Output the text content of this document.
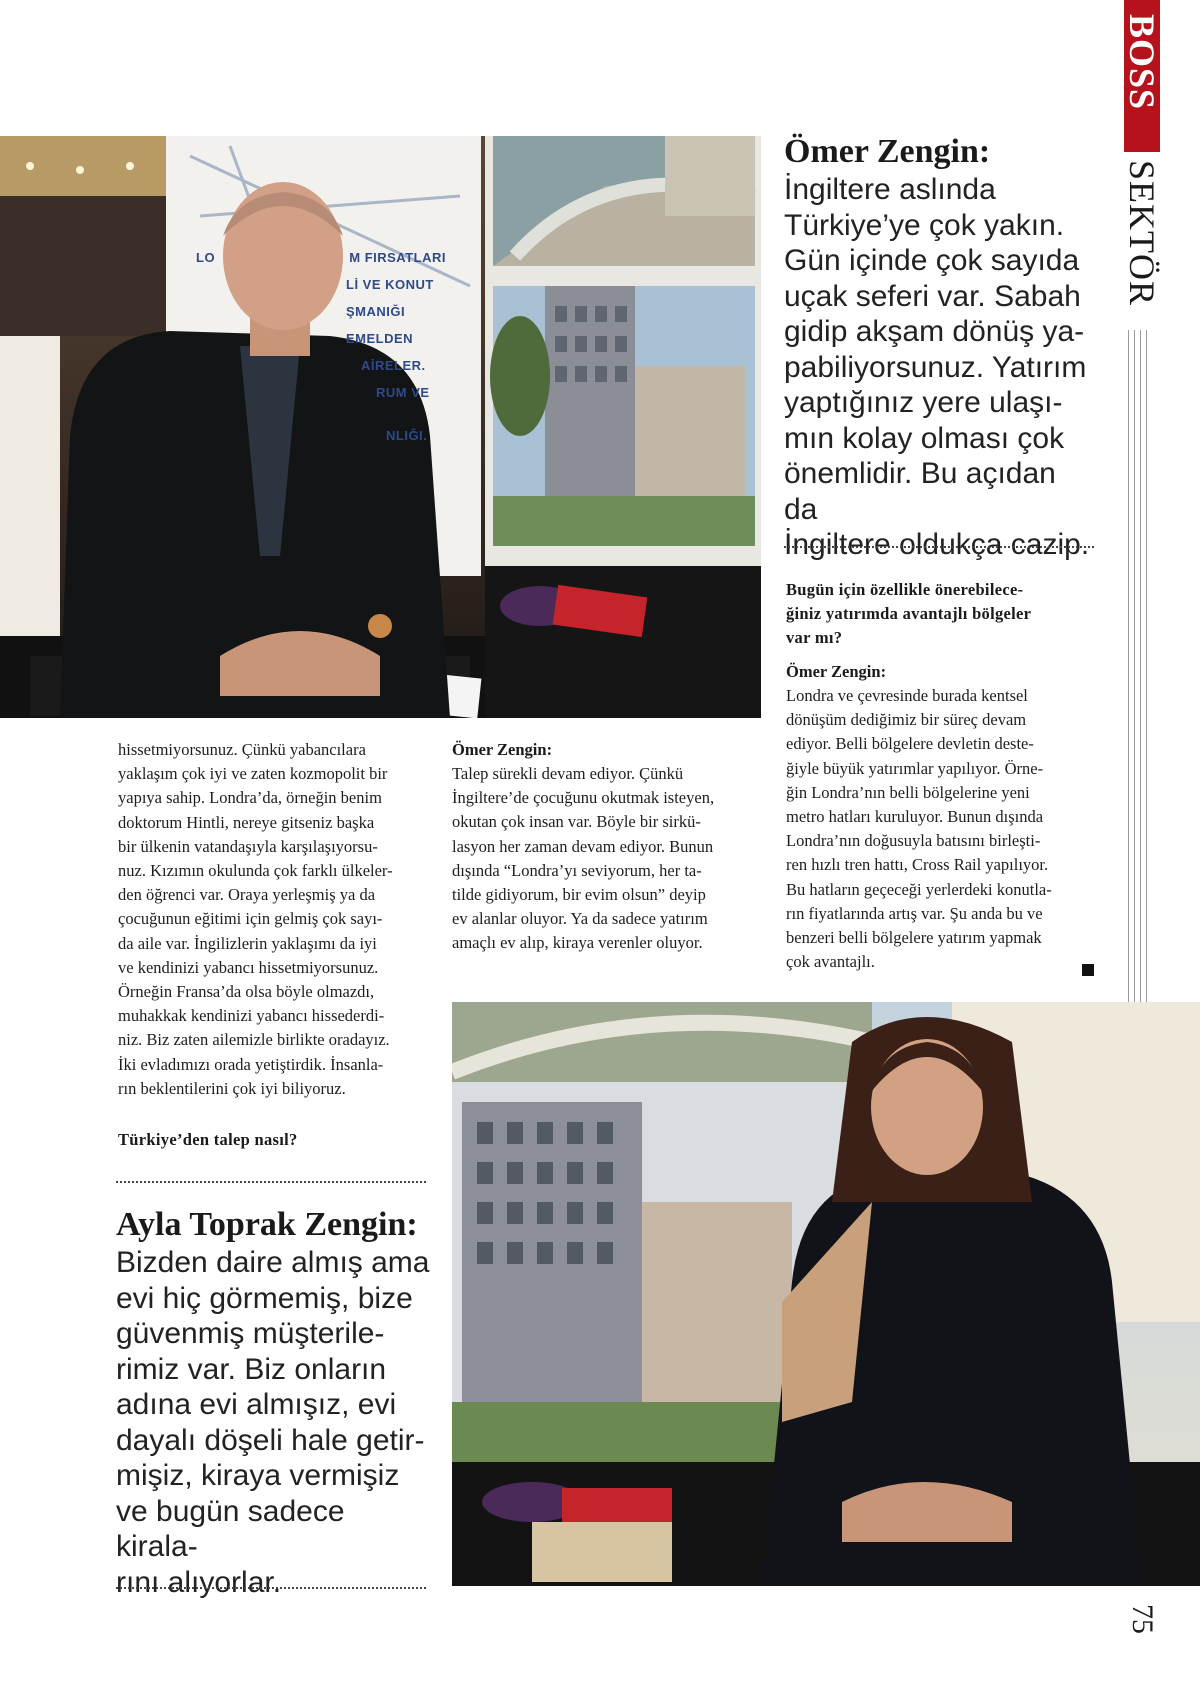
BOSS
SEKTÖR
75
LO	M FIRSATLARI
Lİ VE KONUT
ŞMANIĞI
EMELDEN
AİRELER.
RUM VE
NLIĞI.
Ömer Zengin:
İngiltere aslında
Türkiye’ye çok yakın.
Gün içinde çok sayıda
uçak seferi var. Sabah
gidip akşam dönüş ya-
pabiliyorsunuz. Yatırım
yaptığınız yere ulaşı-
mın kolay olması çok
önemlidir. Bu açıdan da
İngiltere oldukça cazip.
Bugün için özellikle önerebilece-
ğiniz yatırımda avantajlı bölgeler
var mı?
Ömer Zengin:
Londra ve çevresinde burada kentsel
dönüşüm dediğimiz bir süreç devam
ediyor. Belli bölgelere devletin deste-
ğiyle büyük yatırımlar yapılıyor. Örne-
ğin Londra’nın belli bölgelerine yeni
metro hatları kuruluyor. Bunun dışında
Londra’nın doğusuyla batısını birleşti-
ren hızlı tren hattı, Cross Rail yapılıyor.
Bu hatların geçeceği yerlerdeki konutla-
rın fiyatlarında artış var. Şu anda bu ve
benzeri belli bölgelere yatırım yapmak
çok avantajlı.
hissetmiyorsunuz. Çünkü yabancılara
yaklaşım çok iyi ve zaten kozmopolit bir
yapıya sahip. Londra’da, örneğin benim
doktorum Hintli, nereye gitseniz başka
bir ülkenin vatandaşıyla karşılaşıyorsu-
nuz. Kızımın okulunda çok farklı ülkeler-
den öğrenci var. Oraya yerleşmiş ya da
çocuğunun eğitimi için gelmiş çok sayı-
da aile var. İngilizlerin yaklaşımı da iyi
ve kendinizi yabancı hissetmiyorsunuz.
Örneğin Fransa’da olsa böyle olmazdı,
muhakkak kendinizi yabancı hissederdi-
niz. Biz zaten ailemizle birlikte oradayız.
İki evladımızı orada yetiştirdik. İnsanla-
rın beklentilerini çok iyi biliyoruz.
Türkiye’den talep nasıl?
Ayla Toprak Zengin:
Bizden daire almış ama
evi hiç görmemiş, bize
güvenmiş müşterile-
rimiz var. Biz onların
adına evi almışız, evi
dayalı döşeli hale getir-
mişiz, kiraya vermişiz
ve bugün sadece kirala-
rını alıyorlar.
Ömer Zengin:
Talep sürekli devam ediyor. Çünkü
İngiltere’de çocuğunu okutmak isteyen,
okutan çok insan var. Böyle bir sirkü-
lasyon her zaman devam ediyor. Bunun
dışında “Londra’yı seviyorum, her ta-
tilde gidiyorum, bir evim olsun” deyip
ev alanlar oluyor. Ya da sadece yatırım
amaçlı ev alıp, kiraya verenler oluyor.
